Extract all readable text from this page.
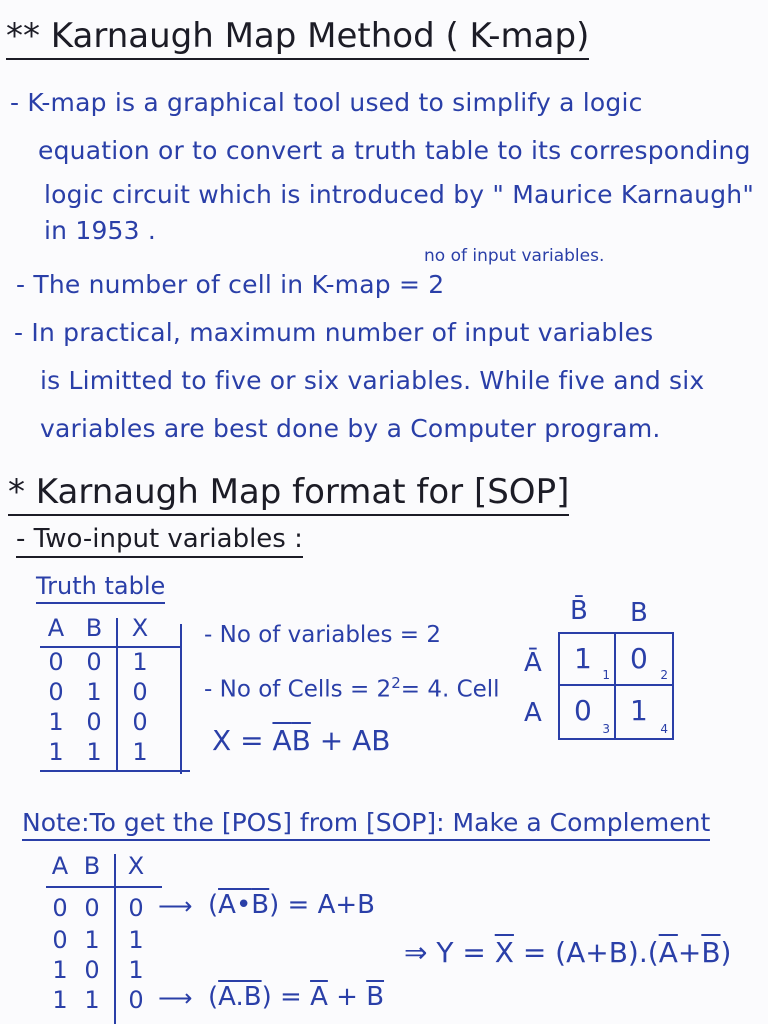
** Karnaugh Map Method ( K-map)
- K-map is a graphical tool used to simplify a logic
equation or to convert a truth table to its corresponding
logic circuit which is introduced by " Maurice Karnaugh"
in 1953 .
- The number of cell in K-map = 2
no of input variables.
- In practical, maximum number of input variables
is Limitted to five or six variables. While five and six
variables are best done by a Computer program.
* Karnaugh Map format for [SOP]
- Two-input variables :
Truth table
A B X
0 0 1
0 1 0
1 0 0
1 1 1
- No of variables = 2
- No of Cells = $2^2= 4$. Cell
$X = \overline{A}\overline{B}$ + AB
B̄ B
Ā
A
1 1 0 2
0
3
1
4
Note:To get the [POS] from [SOP]: Make a Complement
A B X
0 0 0
0 1 1
1 0 1
1 1 0
⟶ (A•B) = A+B
⟶ $(A.B) = \overline{A} + \overline{B}$
⇒ $Y = \overline{X} = (A+B).(\overline{A}+\overline{B})$
